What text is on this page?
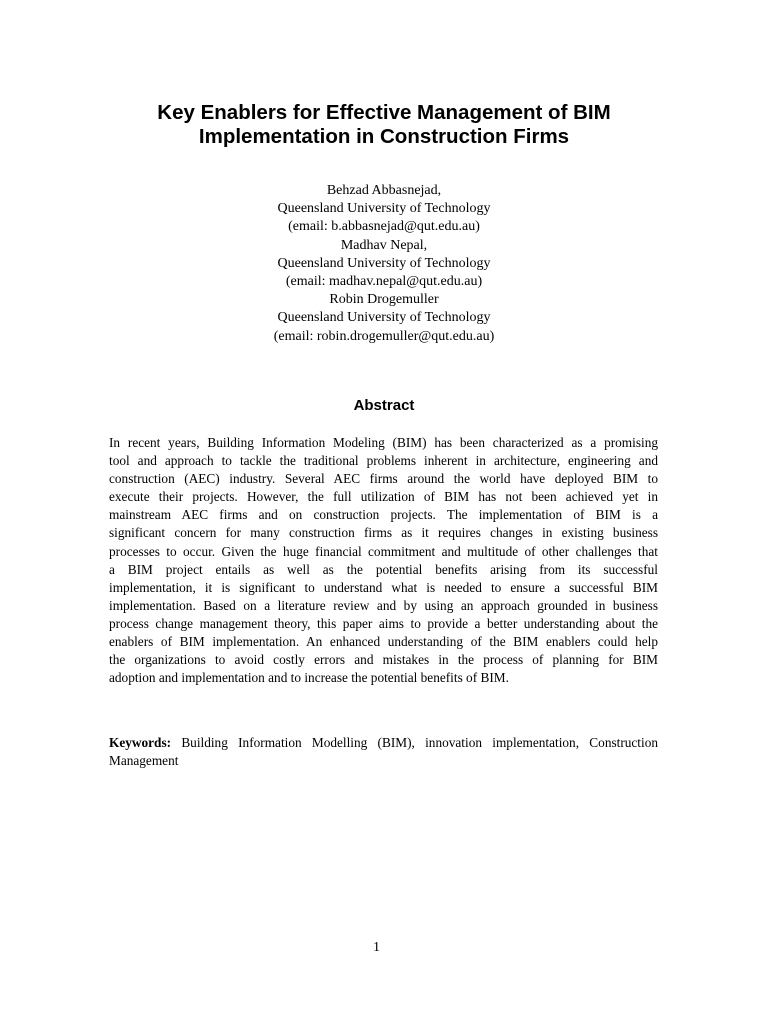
Key Enablers for Effective Management of BIM
Implementation in Construction Firms
Behzad Abbasnejad,
Queensland University of Technology
(email: b.abbasnejad@qut.edu.au)
Madhav Nepal,
Queensland University of Technology
(email: madhav.nepal@qut.edu.au)
Robin Drogemuller
Queensland University of Technology
(email: robin.drogemuller@qut.edu.au)
Abstract
In recent years, Building Information Modeling (BIM) has been characterized as a promising
tool and approach to tackle the traditional problems inherent in architecture, engineering and
construction (AEC) industry. Several AEC firms around the world have deployed BIM to
execute their projects. However, the full utilization of BIM has not been achieved yet in
mainstream AEC firms and on construction projects. The implementation of BIM is a
significant concern for many construction firms as it requires changes in existing business
processes to occur. Given the huge financial commitment and multitude of other challenges that
a BIM project entails as well as the potential benefits arising from its successful
implementation, it is significant to understand what is needed to ensure a successful BIM
implementation. Based on a literature review and by using an approach grounded in business
process change management theory, this paper aims to provide a better understanding about the
enablers of BIM implementation. An enhanced understanding of the BIM enablers could help
the organizations to avoid costly errors and mistakes in the process of planning for BIM
adoption and implementation and to increase the potential benefits of BIM.
Keywords: Building Information Modelling (BIM), innovation implementation, Construction
Management
1
